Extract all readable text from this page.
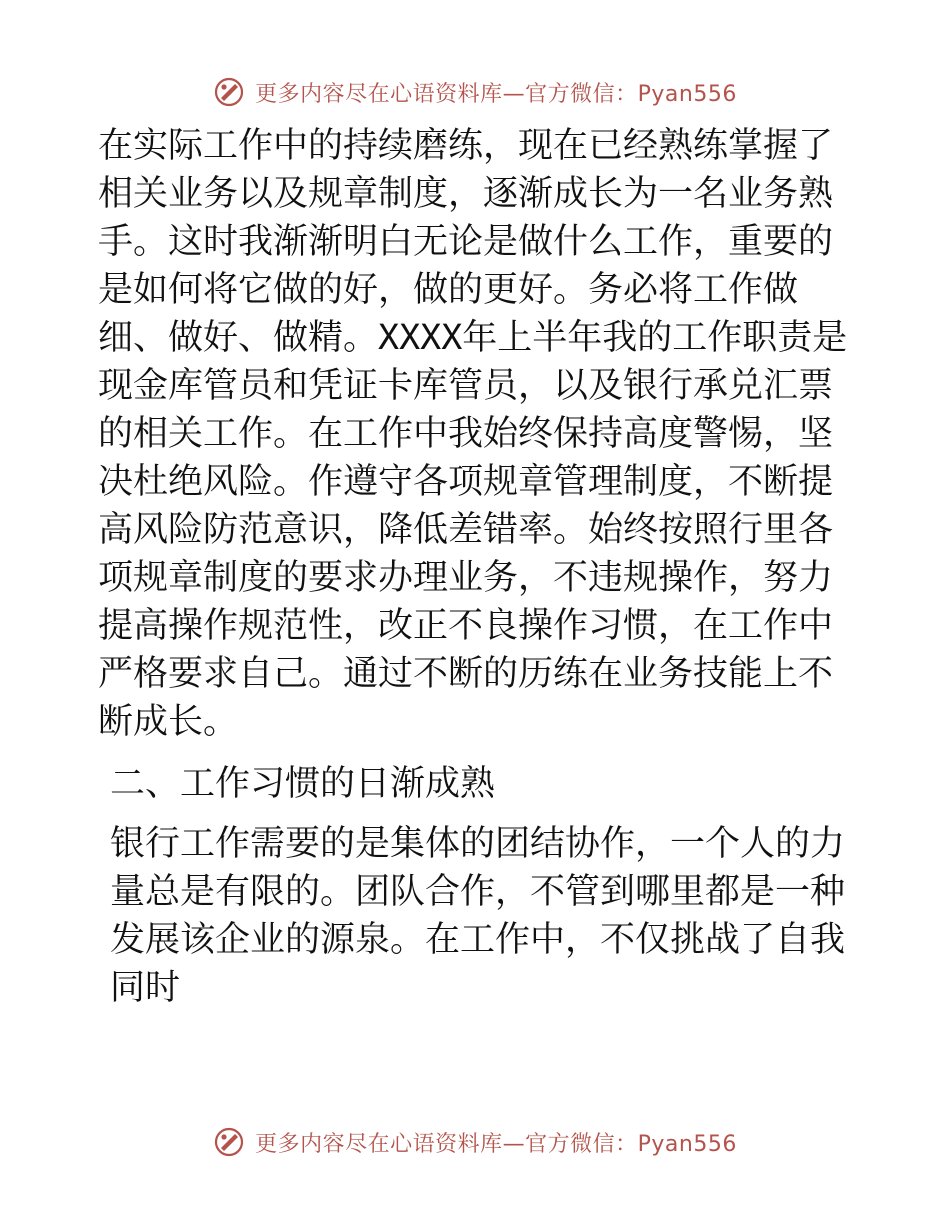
更多内容尽在心语资料库—官方微信：Pyan556

在实际工作中的持续磨练，现在已经熟练掌握了相关业务以及规章制度，逐渐成长为一名业务熟手。这时我渐渐明白无论是做什么工作，重要的是如何将它做的好，做的更好。务必将工作做细、做好、做精。XXXX年上半年我的工作职责是现金库管员和凭证卡库管员，以及银行承兑汇票的相关工作。在工作中我始终保持高度警惕，坚决杜绝风险。作遵守各项规章管理制度，不断提高风险防范意识，降低差错率。始终按照行里各项规章制度的要求办理业务，不违规操作，努力提高操作规范性，改正不良操作习惯，在工作中严格要求自己。通过不断的历练在业务技能上不断成长。

二、工作习惯的日渐成熟

银行工作需要的是集体的团结协作，一个人的力量总是有限的。团队合作，不管到哪里都是一种发展该企业的源泉。在工作中，不仅挑战了自我同时

更多内容尽在心语资料库—官方微信：Pyan556
